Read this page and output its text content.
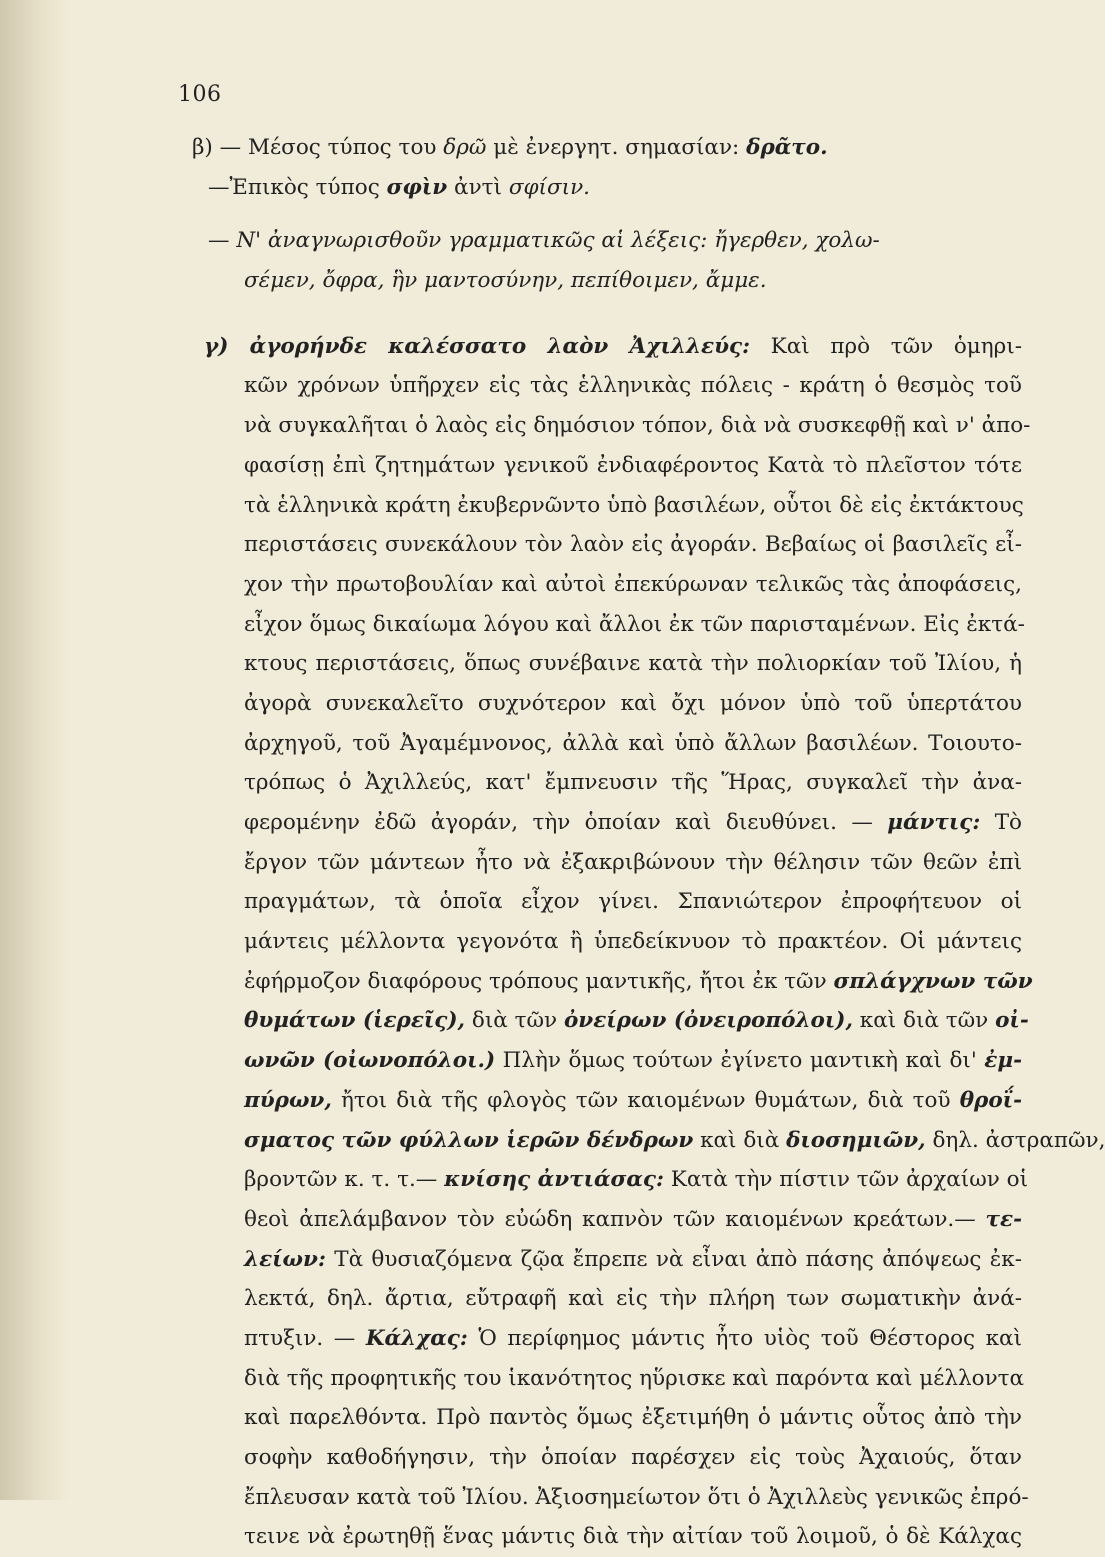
106
β) — Μέσος τύπος του δρῶ μὲ ἐνεργητ. σημασίαν: δρᾶτο.
—Ἐπικὸς τύπος σφὶν ἀντὶ σφίσιν.
— Ν' ἀναγνωρισθοῦν γραμματικῶς αἱ λέξεις: ἤγερθεν, χολω-
σέμεν, ὄφρα, ἣν μαντοσύνην, πεπίθοιμεν, ἄμμε.
γ) ἀγορήνδε καλέσσατο λαὸν Ἀχιλλεύς: Καὶ πρὸ τῶν ὁμηρι-
κῶν χρόνων ὑπῆρχεν εἰς τὰς ἑλληνικὰς πόλεις - κράτη ὁ θεσμὸς τοῦ
νὰ συγκαλῆται ὁ λαὸς εἰς δημόσιον τόπον, διὰ νὰ συσκεφθῇ καὶ ν' ἀπο-
φασίσῃ ἐπὶ ζητημάτων γενικοῦ ἐνδιαφέροντος Κατὰ τὸ πλεῖστον τότε
τὰ ἑλληνικὰ κράτη ἐκυβερνῶντο ὑπὸ βασιλέων, οὗτοι δὲ εἰς ἐκτάκτους
περιστάσεις συνεκάλουν τὸν λαὸν εἰς ἀγοράν. Βεβαίως οἱ βασιλεῖς εἶ-
χον τὴν πρωτοβουλίαν καὶ αὐτοὶ ἐπεκύρωναν τελικῶς τὰς ἀποφάσεις,
εἶχον ὅμως δικαίωμα λόγου καὶ ἄλλοι ἐκ τῶν παρισταμένων. Εἰς ἐκτά-
κτους περιστάσεις, ὅπως συνέβαινε κατὰ τὴν πολιορκίαν τοῦ Ἰλίου, ἡ
ἀγορὰ συνεκαλεῖτο συχνότερον καὶ ὄχι μόνον ὑπὸ τοῦ ὑπερτάτου
ἀρχηγοῦ, τοῦ Ἀγαμέμνονος, ἀλλὰ καὶ ὑπὸ ἄλλων βασιλέων. Τοιουτο-
τρόπως ὁ Ἀχιλλεύς, κατ' ἔμπνευσιν τῆς Ἥρας, συγκαλεῖ τὴν ἀνα-
φερομένην ἐδῶ ἀγοράν, τὴν ὁποίαν καὶ διευθύνει. — μάντις: Τὸ
ἔργον τῶν μάντεων ἦτο νὰ ἐξακριβώνουν τὴν θέλησιν τῶν θεῶν ἐπὶ
πραγμάτων, τὰ ὁποῖα εἶχον γίνει. Σπανιώτερον ἐπροφήτευον οἱ
μάντεις μέλλοντα γεγονότα ἢ ὑπεδείκνυον τὸ πρακτέον. Οἱ μάντεις
ἐφήρμοζον διαφόρους τρόπους μαντικῆς, ἤτοι ἐκ τῶν σπλάγχνων τῶν
θυμάτων (ἱερεῖς), διὰ τῶν ὀνείρων (ὀνειροπόλοι), καὶ διὰ τῶν οἰ-
ωνῶν (οἰωνοπόλοι.) Πλὴν ὅμως τούτων ἐγίνετο μαντικὴ καὶ δι' ἐμ-
πύρων, ἤτοι διὰ τῆς φλογὸς τῶν καιομένων θυμάτων, διὰ τοῦ θροΐ-
σματος τῶν φύλλων ἱερῶν δένδρων καὶ διὰ διοσημιῶν, δηλ. ἀστραπῶν,
βροντῶν κ. τ. τ.— κνίσης ἀντιάσας: Κατὰ τὴν πίστιν τῶν ἀρχαίων οἱ
θεοὶ ἀπελάμβανον τὸν εὐώδη καπνὸν τῶν καιομένων κρεάτων.— τε-
λείων: Τὰ θυσιαζόμενα ζῷα ἔπρεπε νὰ εἶναι ἀπὸ πάσης ἀπόψεως ἐκ-
λεκτά, δηλ. ἄρτια, εὔτραφῆ καὶ εἰς τὴν πλήρη των σωματικὴν ἀνά-
πτυξιν. — Κάλχας: Ὁ περίφημος μάντις ἦτο υἱὸς τοῦ Θέστορος καὶ
διὰ τῆς προφητικῆς του ἱκανότητος ηὕρισκε καὶ παρόντα καὶ μέλλοντα
καὶ παρελθόντα. Πρὸ παντὸς ὅμως ἐξετιμήθη ὁ μάντις οὗτος ἀπὸ τὴν
σοφὴν καθοδήγησιν, τὴν ὁποίαν παρέσχεν εἰς τοὺς Ἀχαιούς, ὅταν
ἔπλευσαν κατὰ τοῦ Ἰλίου. Ἀξιοσημείωτον ὅτι ὁ Ἀχιλλεὺς γενικῶς ἐπρό-
τεινε νὰ ἐρωτηθῇ ἕνας μάντις διὰ τὴν αἰτίαν τοῦ λοιμοῦ, ὁ δὲ Κάλχας
